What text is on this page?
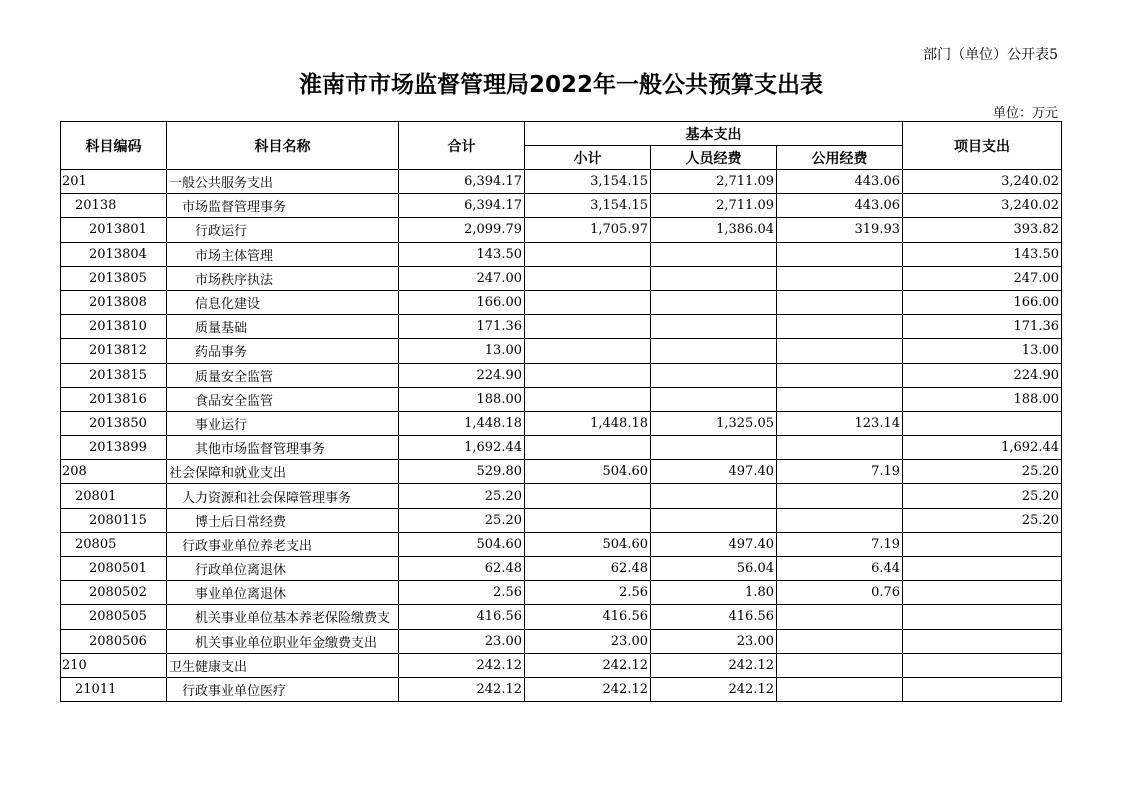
部门（单位）公开表5
淮南市市场监督管理局2022年一般公共预算支出表
单位：万元
科目编码	科目名称	合计	基本支出			项目支出
			小计	人员经费	公用经费	
201	一般公共服务支出	6,394.17	3,154.15	2,711.09	443.06	3,240.02
20138	市场监督管理事务	6,394.17	3,154.15	2,711.09	443.06	3,240.02
2013801	行政运行	2,099.79	1,705.97	1,386.04	319.93	393.82
2013804	市场主体管理	143.50				143.50
2013805	市场秩序执法	247.00				247.00
2013808	信息化建设	166.00				166.00
2013810	质量基础	171.36				171.36
2013812	药品事务	13.00				13.00
2013815	质量安全监管	224.90				224.90
2013816	食品安全监管	188.00				188.00
2013850	事业运行	1,448.18	1,448.18	1,325.05	123.14	
2013899	其他市场监督管理事务	1,692.44				1,692.44
208	社会保障和就业支出	529.80	504.60	497.40	7.19	25.20
20801	人力资源和社会保障管理事务	25.20				25.20
2080115	博士后日常经费	25.20				25.20
20805	行政事业单位养老支出	504.60	504.60	497.40	7.19	
2080501	行政单位离退休	62.48	62.48	56.04	6.44	
2080502	事业单位离退休	2.56	2.56	1.80	0.76	
2080505	机关事业单位基本养老保险缴费支	416.56	416.56	416.56		
2080506	机关事业单位职业年金缴费支出	23.00	23.00	23.00		
210	卫生健康支出	242.12	242.12	242.12		
21011	行政事业单位医疗	242.12	242.12	242.12		
